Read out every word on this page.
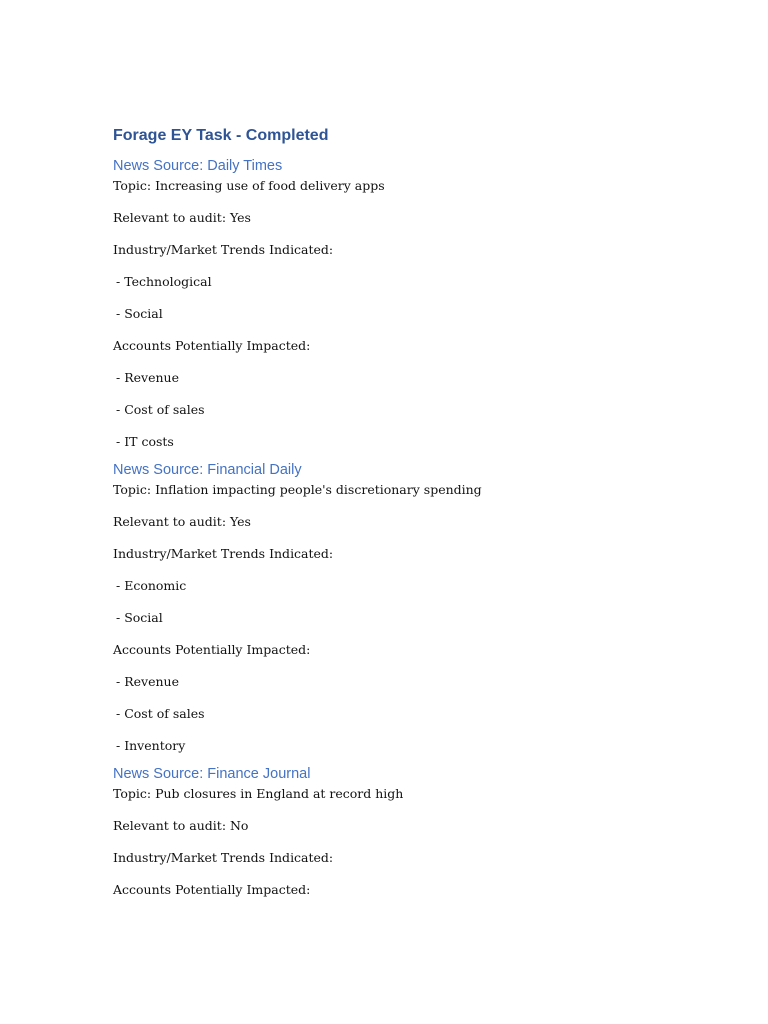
Forage EY Task - Completed
News Source: Daily Times
Topic: Increasing use of food delivery apps
Relevant to audit: Yes
Industry/Market Trends Indicated:
- Technological
- Social
Accounts Potentially Impacted:
- Revenue
- Cost of sales
- IT costs
News Source: Financial Daily
Topic: Inflation impacting people's discretionary spending
Relevant to audit: Yes
Industry/Market Trends Indicated:
- Economic
- Social
Accounts Potentially Impacted:
- Revenue
- Cost of sales
- Inventory
News Source: Finance Journal
Topic: Pub closures in England at record high
Relevant to audit: No
Industry/Market Trends Indicated:
Accounts Potentially Impacted:
